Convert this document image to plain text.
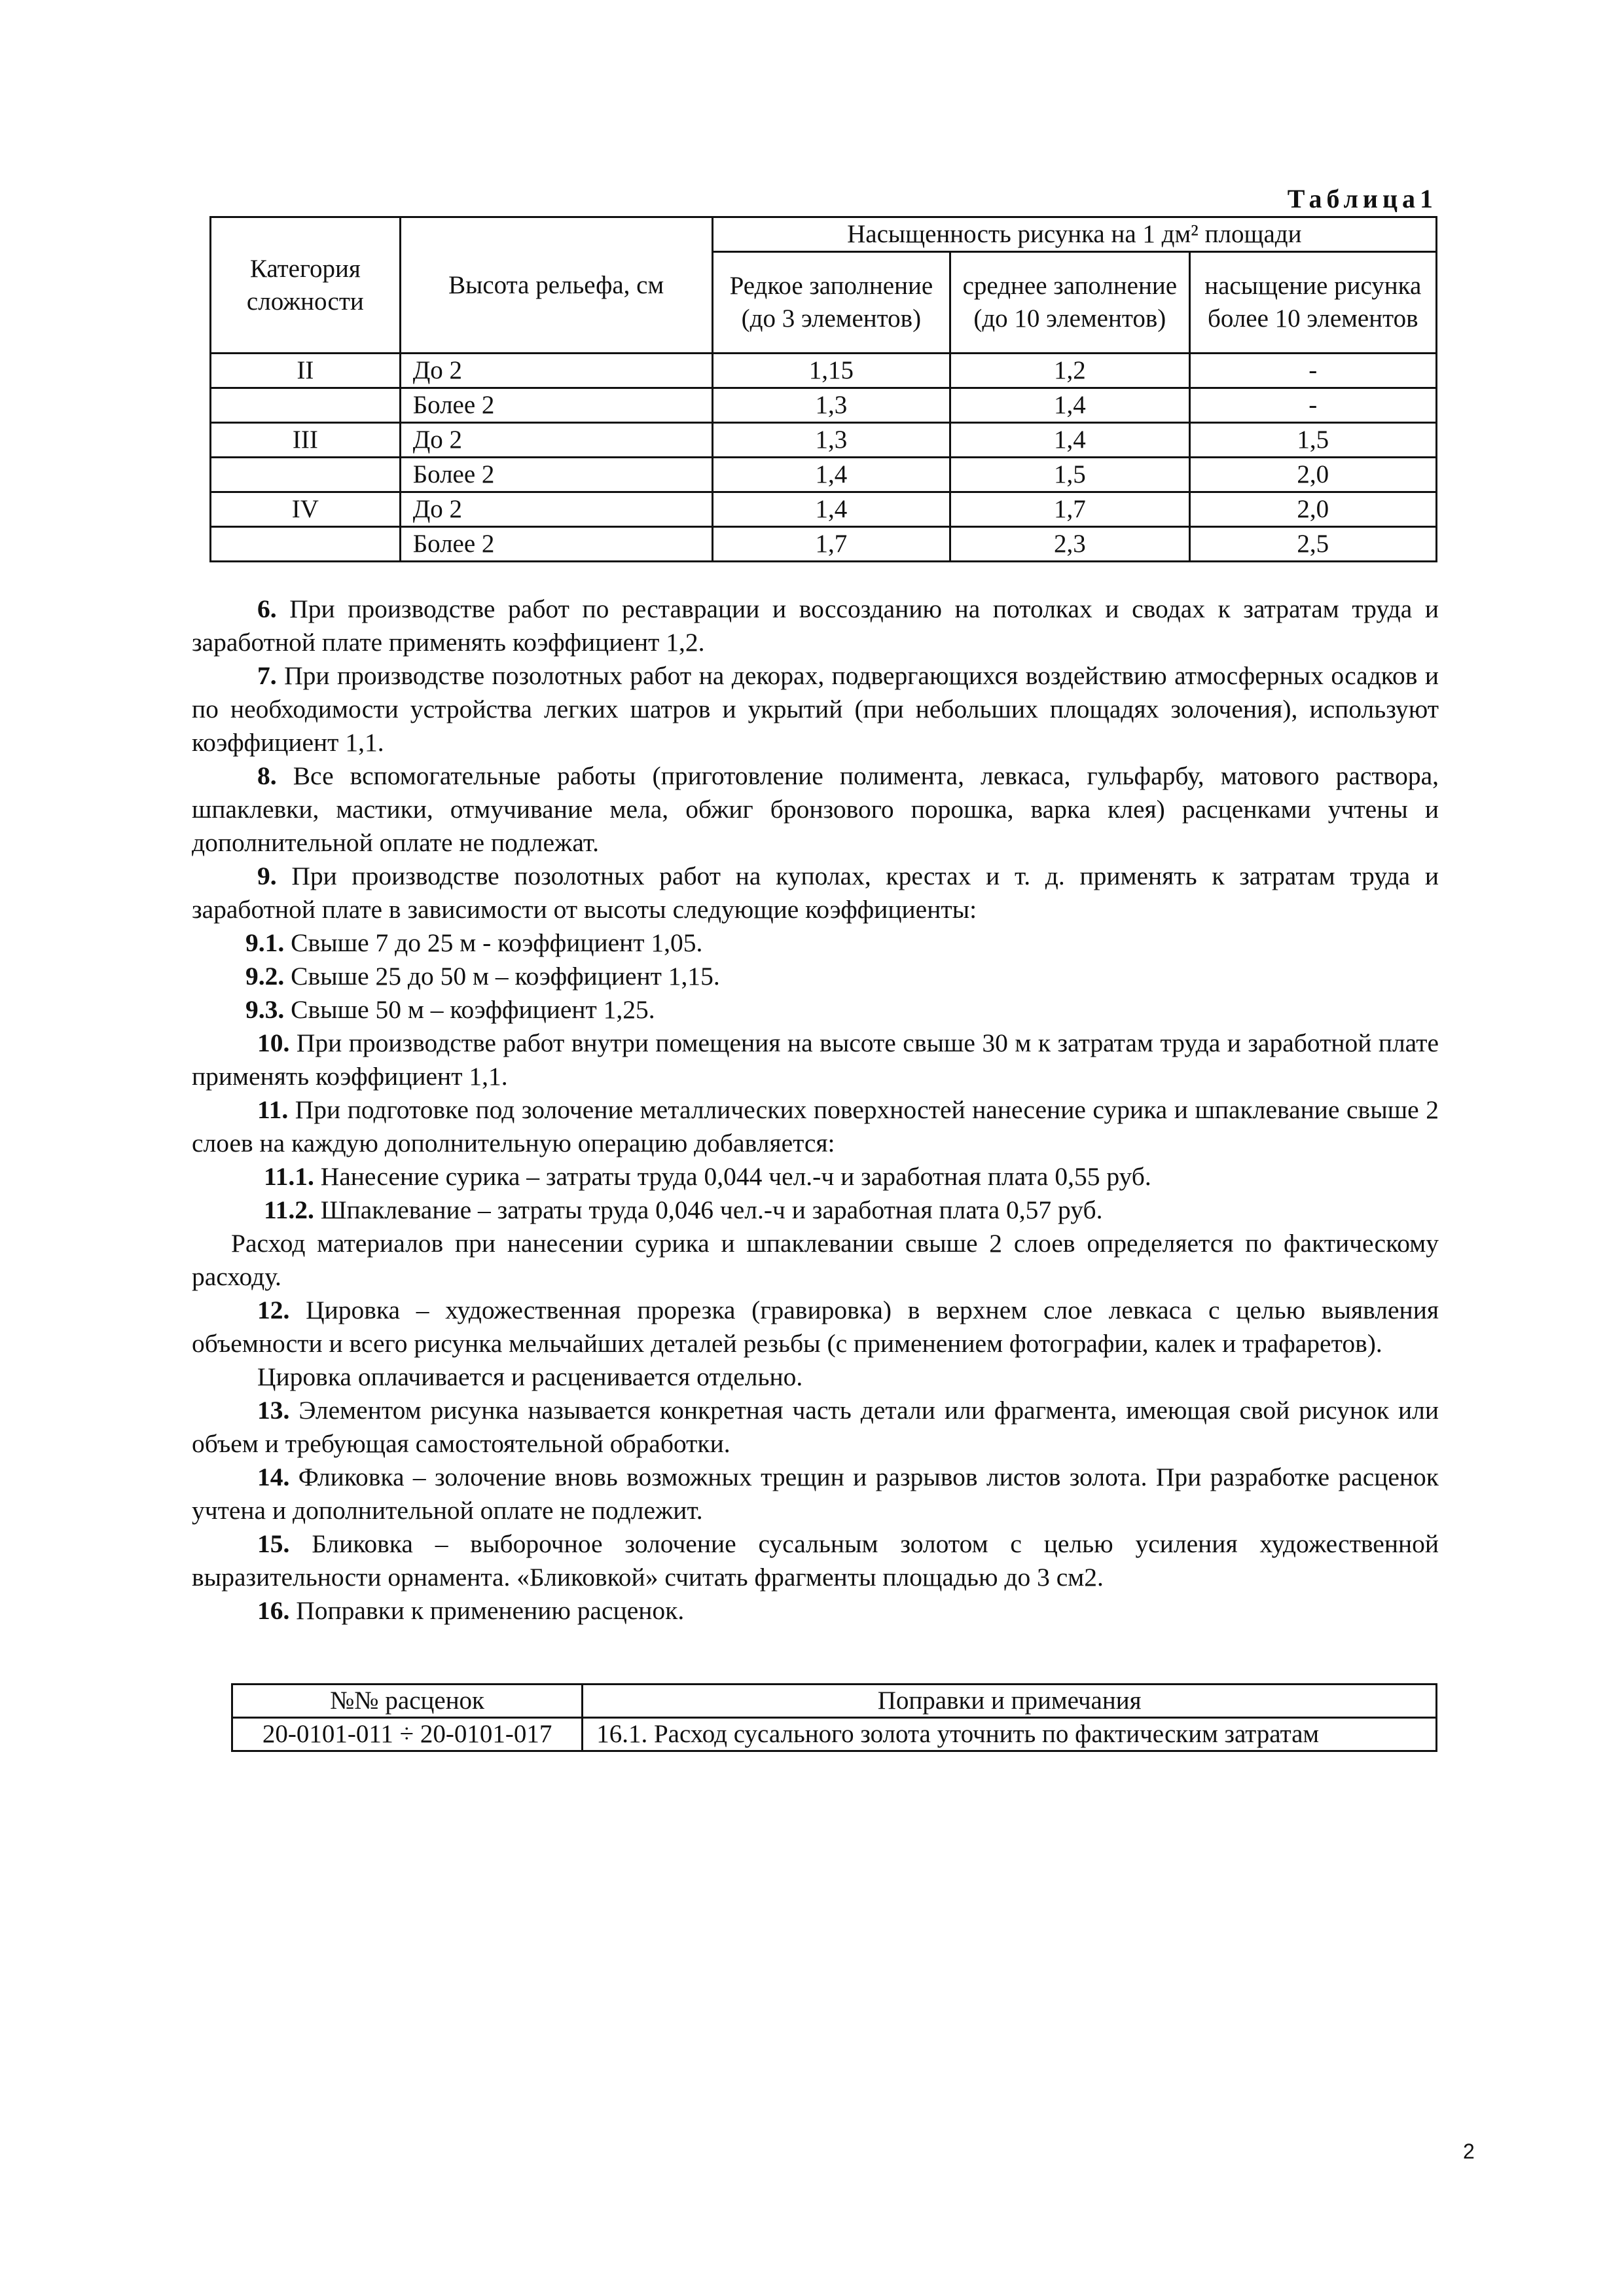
Таблица1
Категория сложности	Высота рельефа, см	Насыщенность рисунка на 1 дм² площади		
		Редкое заполнение (до 3 элементов)	среднее заполнение (до 10 элементов)	насыщение рисунка более 10 элементов
II	До 2	1,15	1,2	-
	Более 2	1,3	1,4	-
III	До 2	1,3	1,4	1,5
	Более 2	1,4	1,5	2,0
IV	До 2	1,4	1,7	2,0
	Более 2	1,7	2,3	2,5

6. При производстве работ по реставрации и воссозданию на потолках и сводах к затратам труда и заработной плате применять коэффициент 1,2.

7. При производстве позолотных работ на декорах, подвергающихся воздействию атмосферных осадков и по необходимости устройства легких шатров и укрытий (при небольших площадях золочения), используют коэффициент 1,1.

8. Все вспомогательные работы (приготовление полимента, левкаса, гульфарбу, матового раствора, шпаклевки, мастики, отмучивание мела, обжиг бронзового порошка, варка клея) расценками учтены и дополнительной оплате не подлежат.

9. При производстве позолотных работ на куполах, крестах и т. д. применять к затратам труда и заработной плате в зависимости от высоты следующие коэффициенты:

9.1. Свыше 7 до 25 м - коэффициент 1,05.

9.2. Свыше 25 до 50 м – коэффициент 1,15.

9.3. Свыше 50 м – коэффициент 1,25.

10. При производстве работ внутри помещения на высоте свыше 30 м к затратам труда и заработной плате применять коэффициент 1,1.

11. При подготовке под золочение металлических поверхностей нанесение сурика и шпаклевание свыше 2 слоев на каждую дополнительную операцию добавляется:

11.1. Нанесение сурика – затраты труда 0,044 чел.-ч и заработная плата 0,55 руб.

11.2. Шпаклевание – затраты труда 0,046 чел.-ч и заработная плата 0,57 руб.

Расход материалов при нанесении сурика и шпаклевании свыше 2 слоев определяется по фактическому расходу.

12. Цировка – художественная прорезка (гравировка) в верхнем слое левкаса с целью выявления объемности и всего рисунка мельчайших деталей резьбы (с применением фотографии, калек и трафаретов).

Цировка оплачивается и расценивается отдельно.

13. Элементом рисунка называется конкретная часть детали или фрагмента, имеющая свой рисунок или объем и требующая самостоятельной обработки.

14. Фликовка – золочение вновь возможных трещин и разрывов листов золота. При разработке расценок учтена и дополнительной оплате не подлежит.

15. Бликовка – выборочное золочение сусальным золотом с целью усиления художественной выразительности орнамента. «Бликовкой» считать фрагменты площадью до 3 см2.

16. Поправки к применению расценок.

№№ расценок	Поправки и примечания
20-0101-011 ÷ 20-0101-017	16.1. Расход сусального золота уточнить по фактическим затратам
2
